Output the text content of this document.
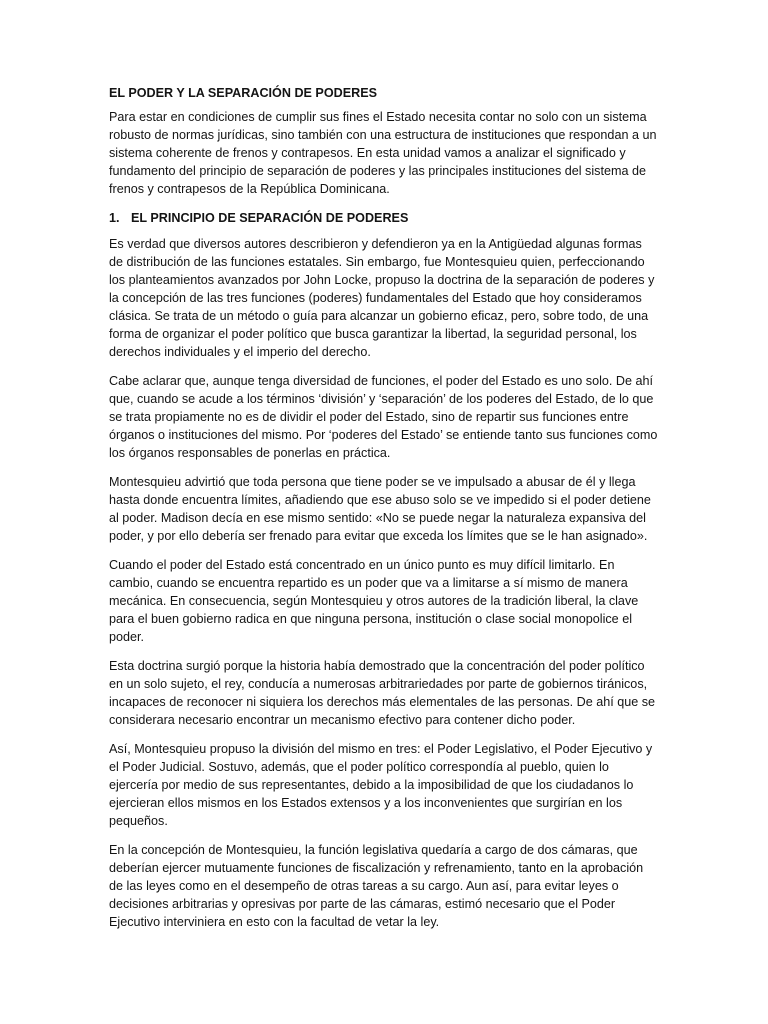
EL PODER Y LA SEPARACIÓN DE PODERES

Para estar en condiciones de cumplir sus fines el Estado necesita contar no solo con un sistema robusto de normas jurídicas, sino también con una estructura de instituciones que respondan a un sistema coherente de frenos y contrapesos. En esta unidad vamos a analizar el significado y fundamento del principio de separación de poderes y las principales instituciones del sistema de frenos y contrapesos de la República Dominicana.

1. EL PRINCIPIO DE SEPARACIÓN DE PODERES

Es verdad que diversos autores describieron y defendieron ya en la Antigüedad algunas formas de distribución de las funciones estatales. Sin embargo, fue Montesquieu quien, perfeccionando los planteamientos avanzados por John Locke, propuso la doctrina de la separación de poderes y la concepción de las tres funciones (poderes) fundamentales del Estado que hoy consideramos clásica. Se trata de un método o guía para alcanzar un gobierno eficaz, pero, sobre todo, de una forma de organizar el poder político que busca garantizar la libertad, la seguridad personal, los derechos individuales y el imperio del derecho.

Cabe aclarar que, aunque tenga diversidad de funciones, el poder del Estado es uno solo. De ahí que, cuando se acude a los términos ‘división’ y ‘separación’ de los poderes del Estado, de lo que se trata propiamente no es de dividir el poder del Estado, sino de repartir sus funciones entre órganos o instituciones del mismo. Por ‘poderes del Estado’ se entiende tanto sus funciones como los órganos responsables de ponerlas en práctica.

Montesquieu advirtió que toda persona que tiene poder se ve impulsado a abusar de él y llega hasta donde encuentra límites, añadiendo que ese abuso solo se ve impedido si el poder detiene al poder. Madison decía en ese mismo sentido: «No se puede negar la naturaleza expansiva del poder, y por ello debería ser frenado para evitar que exceda los límites que se le han asignado».

Cuando el poder del Estado está concentrado en un único punto es muy difícil limitarlo. En cambio, cuando se encuentra repartido es un poder que va a limitarse a sí mismo de manera mecánica. En consecuencia, según Montesquieu y otros autores de la tradición liberal, la clave para el buen gobierno radica en que ninguna persona, institución o clase social monopolice el poder.

Esta doctrina surgió porque la historia había demostrado que la concentración del poder político en un solo sujeto, el rey, conducía a numerosas arbitrariedades por parte de gobiernos tiránicos, incapaces de reconocer ni siquiera los derechos más elementales de las personas. De ahí que se considerara necesario encontrar un mecanismo efectivo para contener dicho poder.

Así, Montesquieu propuso la división del mismo en tres: el Poder Legislativo, el Poder Ejecutivo y el Poder Judicial. Sostuvo, además, que el poder político correspondía al pueblo, quien lo ejercería por medio de sus representantes, debido a la imposibilidad de que los ciudadanos lo ejercieran ellos mismos en los Estados extensos y a los inconvenientes que surgirían en los pequeños.

En la concepción de Montesquieu, la función legislativa quedaría a cargo de dos cámaras, que deberían ejercer mutuamente funciones de fiscalización y refrenamiento, tanto en la aprobación de las leyes como en el desempeño de otras tareas a su cargo. Aun así, para evitar leyes o decisiones arbitrarias y opresivas por parte de las cámaras, estimó necesario que el Poder Ejecutivo interviniera en esto con la facultad de vetar la ley.
